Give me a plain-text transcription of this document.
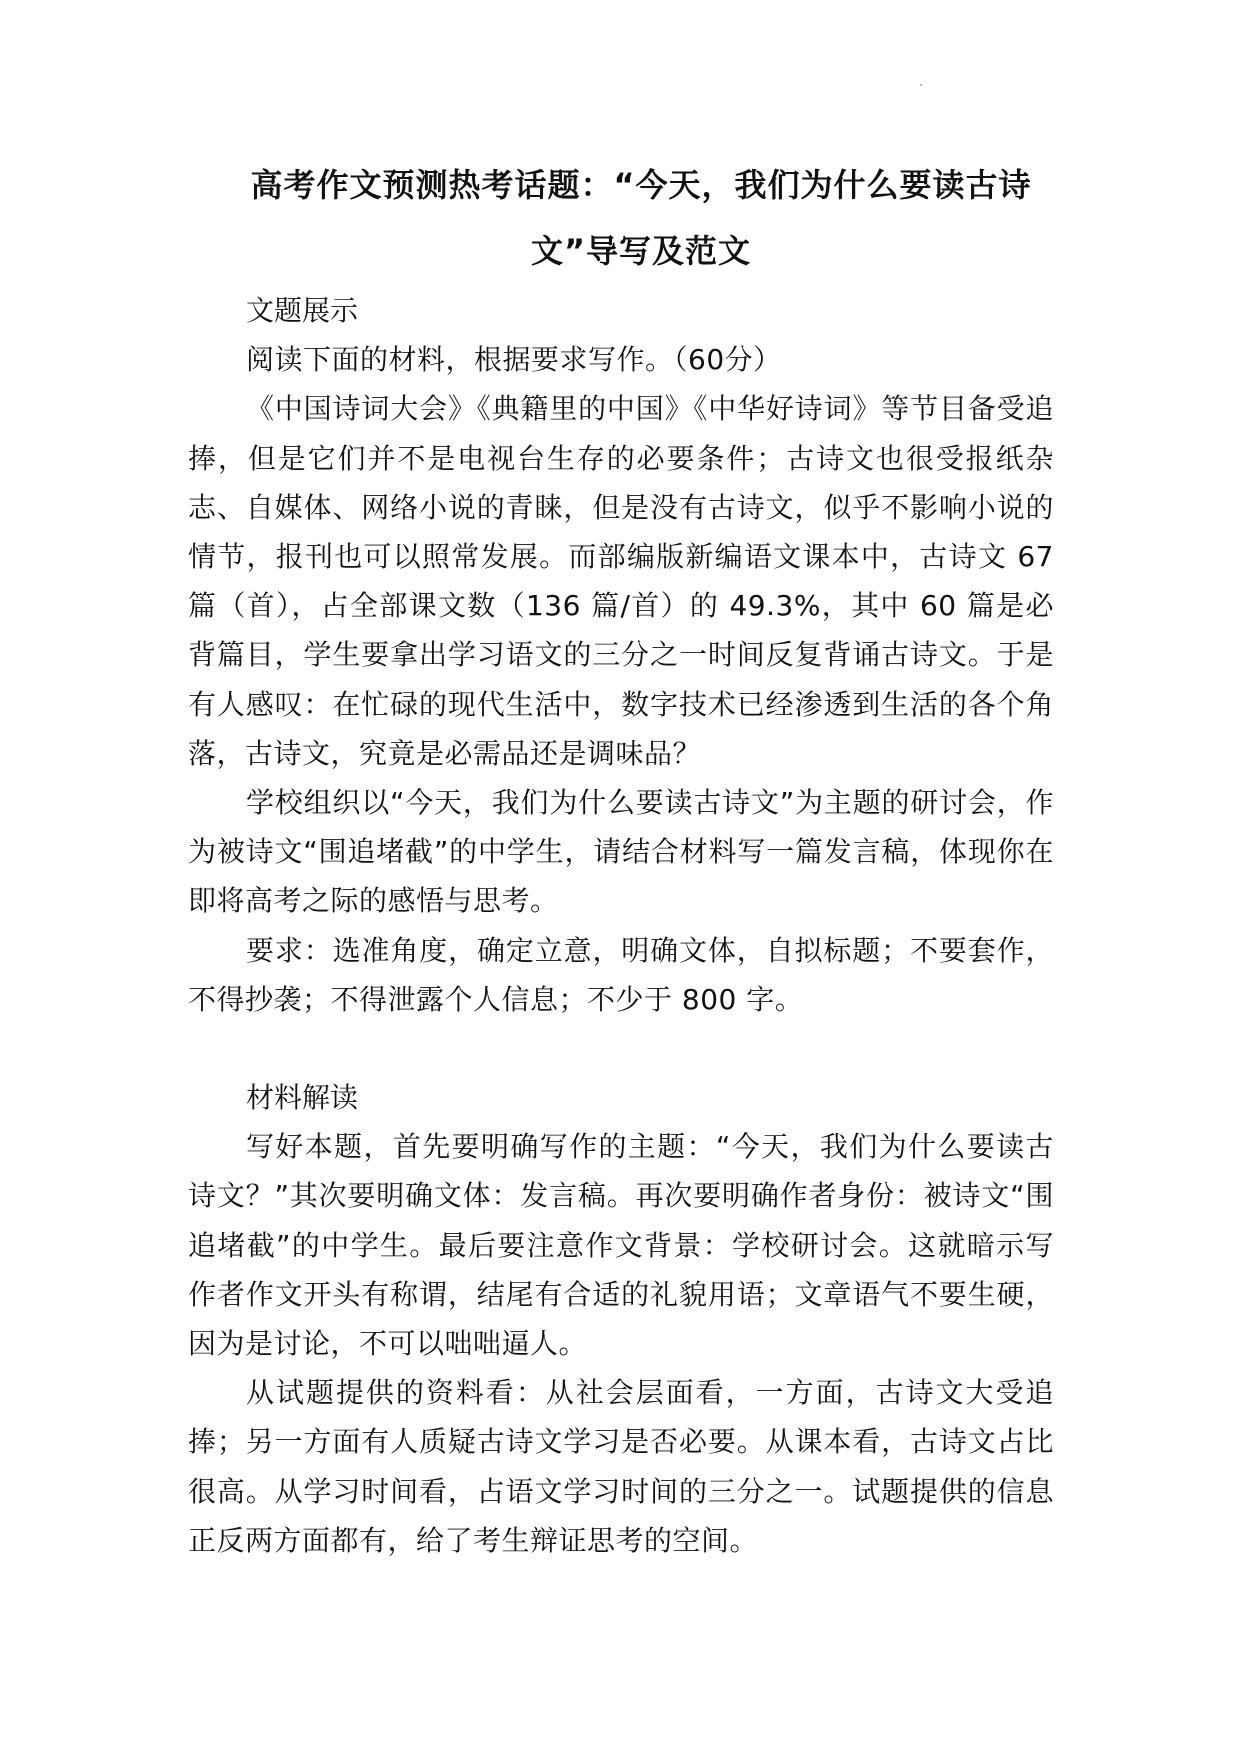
高考作文预测热考话题：“今天，我们为什么要读古诗文”导写及范文

文题展示

阅读下面的材料，根据要求写作。（60分）

《中国诗词大会》《典籍里的中国》《中华好诗词》等节目备受追捧，但是它们并不是电视台生存的必要条件；古诗文也很受报纸杂志、自媒体、网络小说的青睐，但是没有古诗文，似乎不影响小说的情节，报刊也可以照常发展。而部编版新编语文课本中，古诗文 67篇（首），占全部课文数（136 篇/首）的 49.3%，其中 60 篇是必背篇目，学生要拿出学习语文的三分之一时间反复背诵古诗文。于是有人感叹：在忙碌的现代生活中，数字技术已经渗透到生活的各个角落，古诗文，究竟是必需品还是调味品？

学校组织以“今天，我们为什么要读古诗文”为主题的研讨会，作为被诗文“围追堵截”的中学生，请结合材料写一篇发言稿，体现你在即将高考之际的感悟与思考。

要求：选准角度，确定立意，明确文体，自拟标题；不要套作，不得抄袭；不得泄露个人信息；不少于 800 字。

材料解读

写好本题，首先要明确写作的主题：“今天，我们为什么要读古诗文？”其次要明确文体：发言稿。再次要明确作者身份：被诗文“围追堵截”的中学生。最后要注意作文背景：学校研讨会。这就暗示写作者作文开头有称谓，结尾有合适的礼貌用语；文章语气不要生硬，因为是讨论，不可以咄咄逼人。

从试题提供的资料看：从社会层面看，一方面，古诗文大受追捧；另一方面有人质疑古诗文学习是否必要。从课本看，古诗文占比很高。从学习时间看，占语文学习时间的三分之一。试题提供的信息正反两方面都有，给了考生辩证思考的空间。
